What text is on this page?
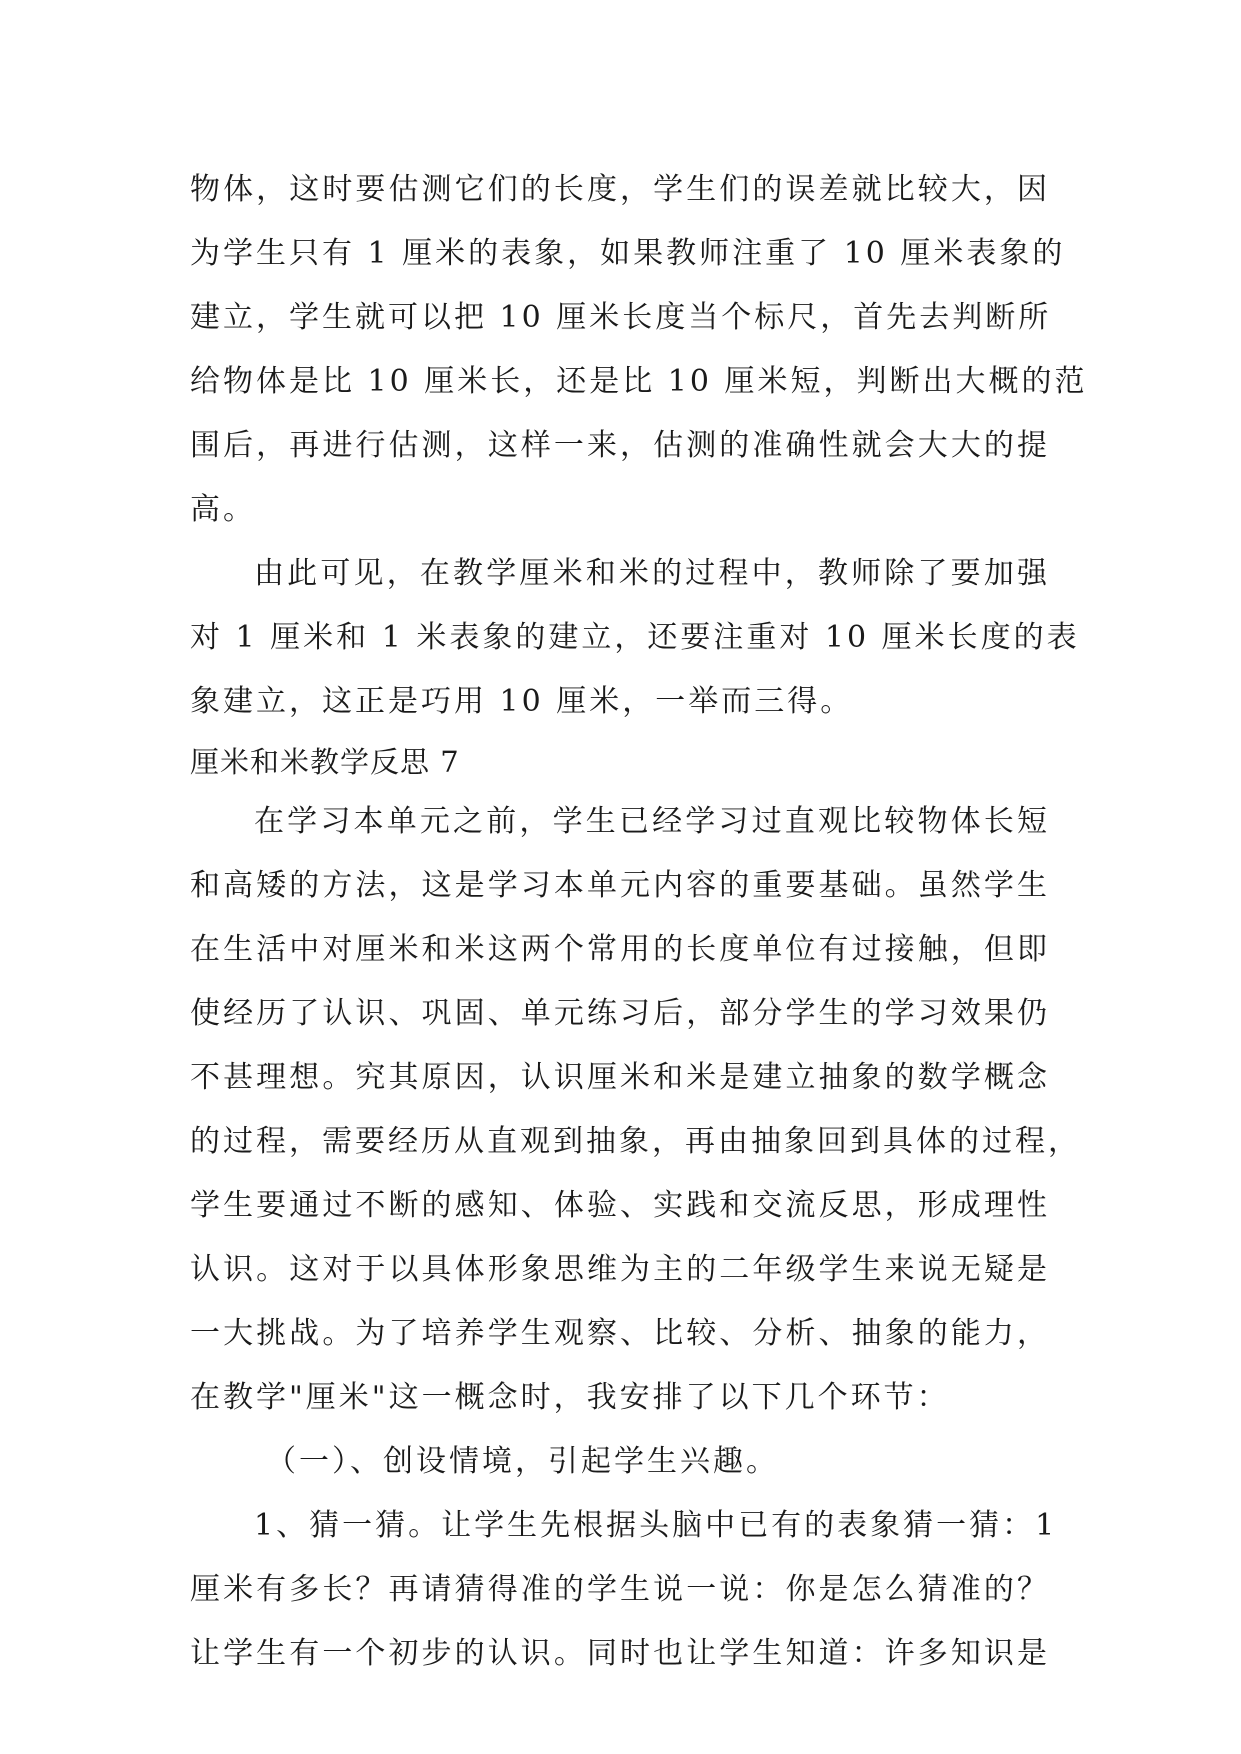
物体，这时要估测它们的长度，学生们的误差就比较大，因
为学生只有 1 厘米的表象，如果教师注重了 10 厘米表象的
建立，学生就可以把 10 厘米长度当个标尺，首先去判断所
给物体是比 10 厘米长，还是比 10 厘米短，判断出大概的范
围后，再进行估测，这样一来，估测的准确性就会大大的提
高。
由此可见，在教学厘米和米的过程中，教师除了要加强
对 1 厘米和 1 米表象的建立，还要注重对 10 厘米长度的表
象建立，这正是巧用 10 厘米，一举而三得。
厘米和米教学反思 7
在学习本单元之前，学生已经学习过直观比较物体长短
和高矮的方法，这是学习本单元内容的重要基础。虽然学生
在生活中对厘米和米这两个常用的长度单位有过接触，但即
使经历了认识、巩固、单元练习后，部分学生的学习效果仍
不甚理想。究其原因，认识厘米和米是建立抽象的数学概念
的过程，需要经历从直观到抽象，再由抽象回到具体的过程，
学生要通过不断的感知、体验、实践和交流反思，形成理性
认识。这对于以具体形象思维为主的二年级学生来说无疑是
一大挑战。为了培养学生观察、比较、分析、抽象的能力，
在教学"厘米"这一概念时，我安排了以下几个环节：
（一）、创设情境，引起学生兴趣。
1、猜一猜。让学生先根据头脑中已有的表象猜一猜：1
厘米有多长？再请猜得准的学生说一说：你是怎么猜准的？
让学生有一个初步的认识。同时也让学生知道：许多知识是
